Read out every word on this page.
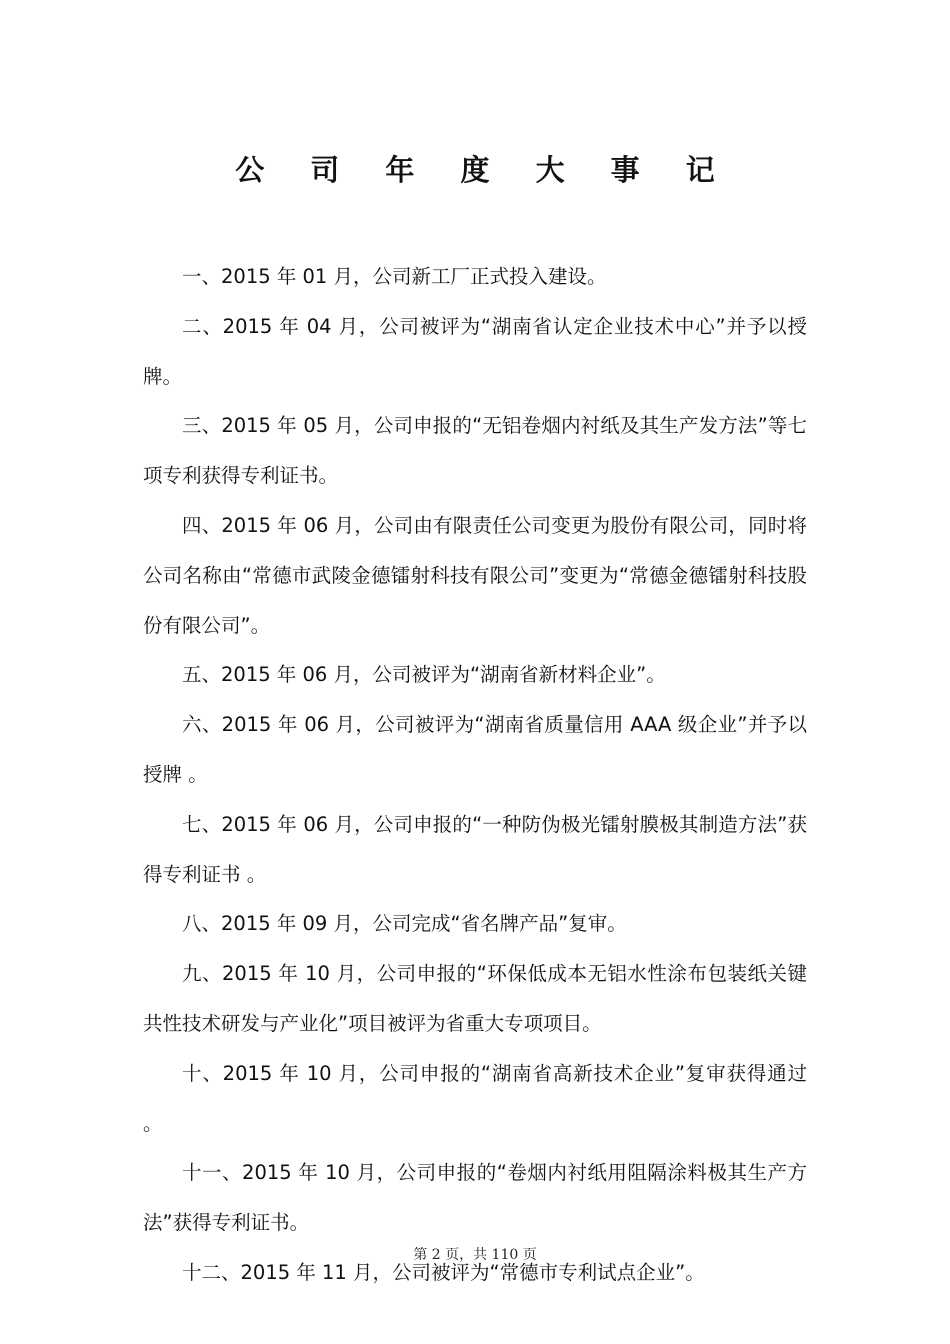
公 司 年 度 大 事 记

一、2015 年 01 月，公司新工厂正式投入建设。

二、2015 年 04 月，公司被评为“湖南省认定企业技术中心”并予以授牌。

三、2015 年 05 月，公司申报的“无铝卷烟内衬纸及其生产发方法”等七项专利获得专利证书。

四、2015 年 06 月，公司由有限责任公司变更为股份有限公司，同时将公司名称由“常德市武陵金德镭射科技有限公司”变更为“常德金德镭射科技股份有限公司”。

五、2015 年 06 月，公司被评为“湖南省新材料企业”。

六、2015 年 06 月，公司被评为“湖南省质量信用 AAA 级企业”并予以授牌 。

七、2015 年 06 月，公司申报的“一种防伪极光镭射膜极其制造方法”获得专利证书 。

八、2015 年 09 月，公司完成“省名牌产品”复审。

九、2015 年 10 月，公司申报的“环保低成本无铝水性涂布包装纸关键共性技术研发与产业化”项目被评为省重大专项项目。

十、2015 年 10 月，公司申报的“湖南省高新技术企业”复审获得通过 。

十一、2015 年 10 月，公司申报的“卷烟内衬纸用阻隔涂料极其生产方法”获得专利证书。

十二、2015 年 11 月，公司被评为“常德市专利试点企业”。

第 2 页，共 110 页
